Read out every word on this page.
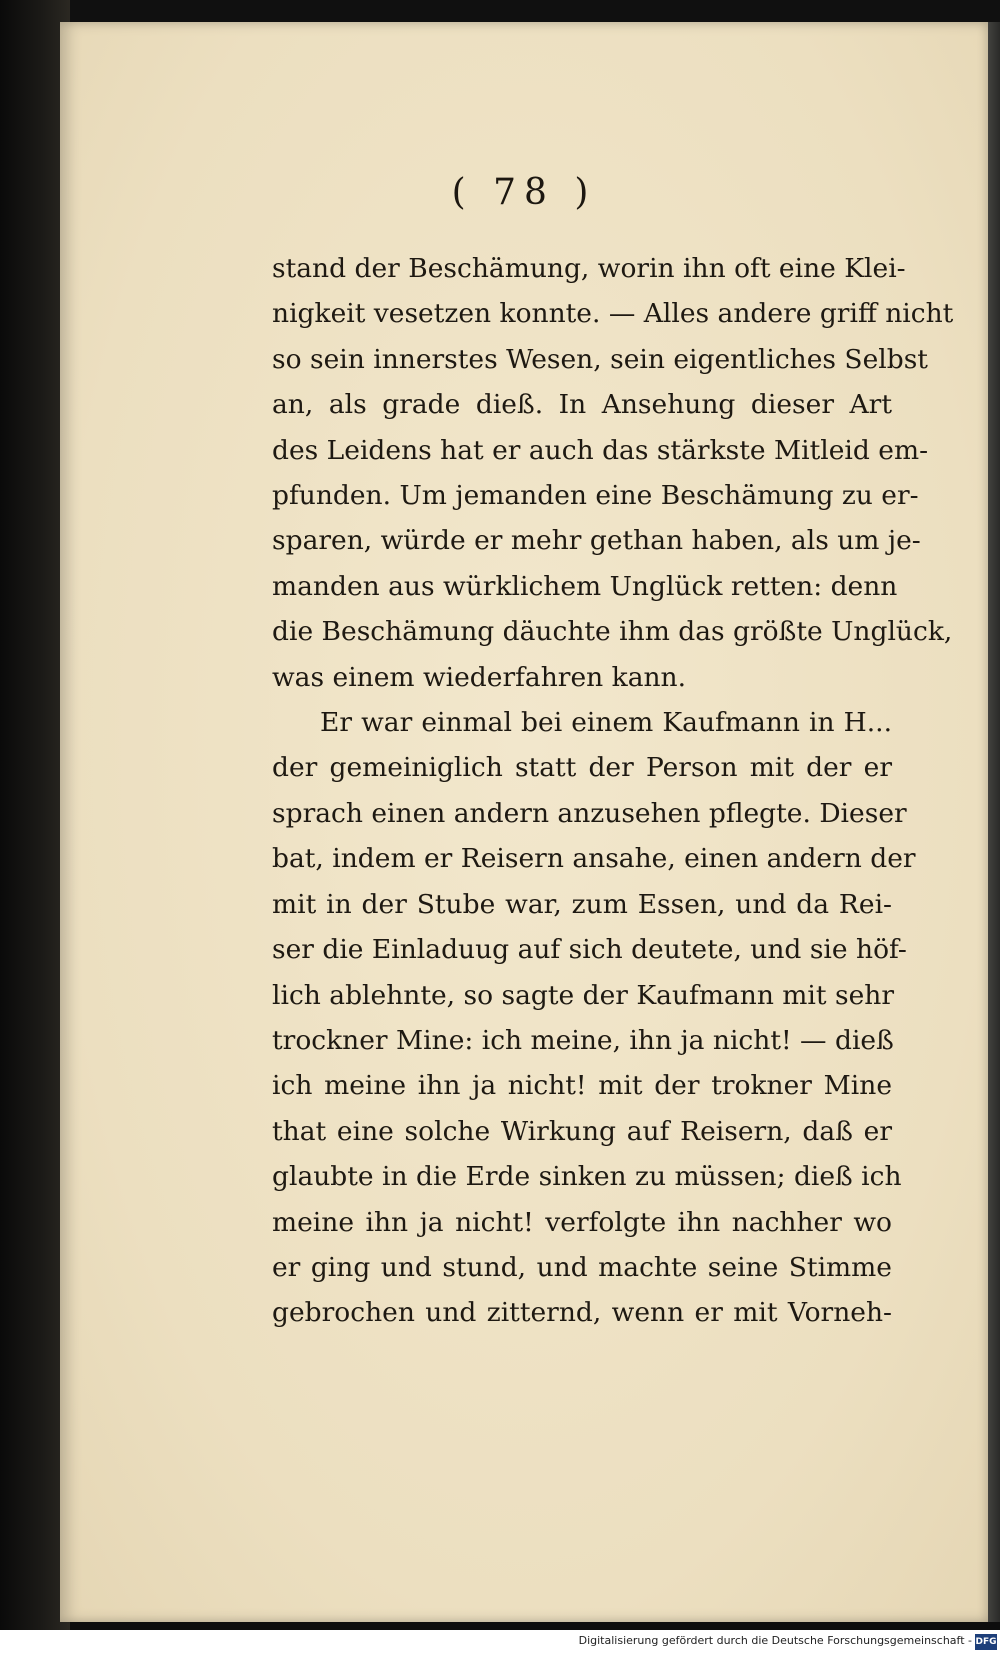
( 78 )
stand der Beschämung, worin ihn oft eine Klei-
nigkeit vesetzen konnte. — Alles andere griff nicht
so sein innerstes Wesen, sein eigentliches Selbst
an, als grade dieß. In Ansehung dieser Art
des Leidens hat er auch das stärkste Mitleid em-
pfunden. Um jemanden eine Beschämung zu er-
sparen, würde er mehr gethan haben, als um je-
manden aus würklichem Unglück retten: denn
die Beschämung däuchte ihm das größte Unglück,
was einem wiederfahren kann.
Er war einmal bei einem Kaufmann in H...
der gemeiniglich statt der Person mit der er
sprach einen andern anzusehen pflegte. Dieser
bat, indem er Reisern ansahe, einen andern der
mit in der Stube war, zum Essen, und da Rei-
ser die Einladuug auf sich deutete, und sie höf-
lich ablehnte, so sagte der Kaufmann mit sehr
trockner Mine: ich meine, ihn ja nicht! — dieß
ich meine ihn ja nicht! mit der trokner Mine
that eine solche Wirkung auf Reisern, daß er
glaubte in die Erde sinken zu müssen; dieß ich
meine ihn ja nicht! verfolgte ihn nachher wo
er ging und stund, und machte seine Stimme
gebrochen und zitternd, wenn er mit Vorneh-
Digitalisierung gefördert durch die Deutsche Forschungsgemeinschaft - DFG
